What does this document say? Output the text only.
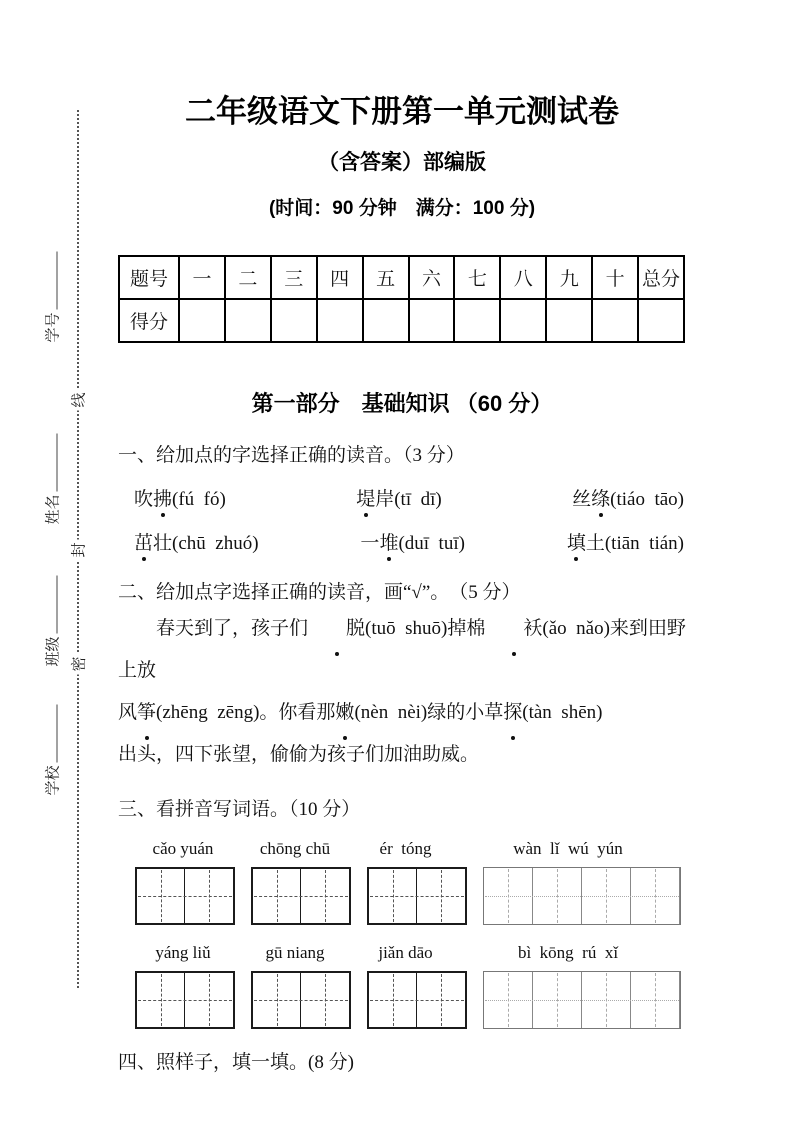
学号
姓名
班级
学校
线
封
密
二年级语文下册第一单元测试卷
（含答案）部编版
(时间：90 分钟　满分：100 分)
题号	一	二	三	四	五	六	七	八	九	十	总分
得分											
第一部分　基础知识 （60 分）
一、给加点的字选择正确的读音。（3 分）
吹拂(fú  fó)	堤岸(tī  dī)	丝绦(tiáo  tāo)
茁壮(chū  zhuó)	一堆(duī  tuī)	填土(tiān  tián)
二、给加点字选择正确的读音，画“√”。　（5 分）
春天到了，孩子们 脱(tuō  shuō)掉棉 袄(ǎo  nǎo)来到田野上放
风筝(zhēng  zēng)。你看那嫩(nèn  nèi)绿的小草探(tàn  shēn)
出头，四下张望，偷偷为孩子们加油助威。
三、看拼音写词语。（10 分）
cǎo yuán	chōng chū	ér  tóng	wàn  lǐ  wú  yún
yáng liǔ	gū niang	jiǎn dāo	bì  kōng  rú  xǐ
四、照样子，填一填。(8 分)
